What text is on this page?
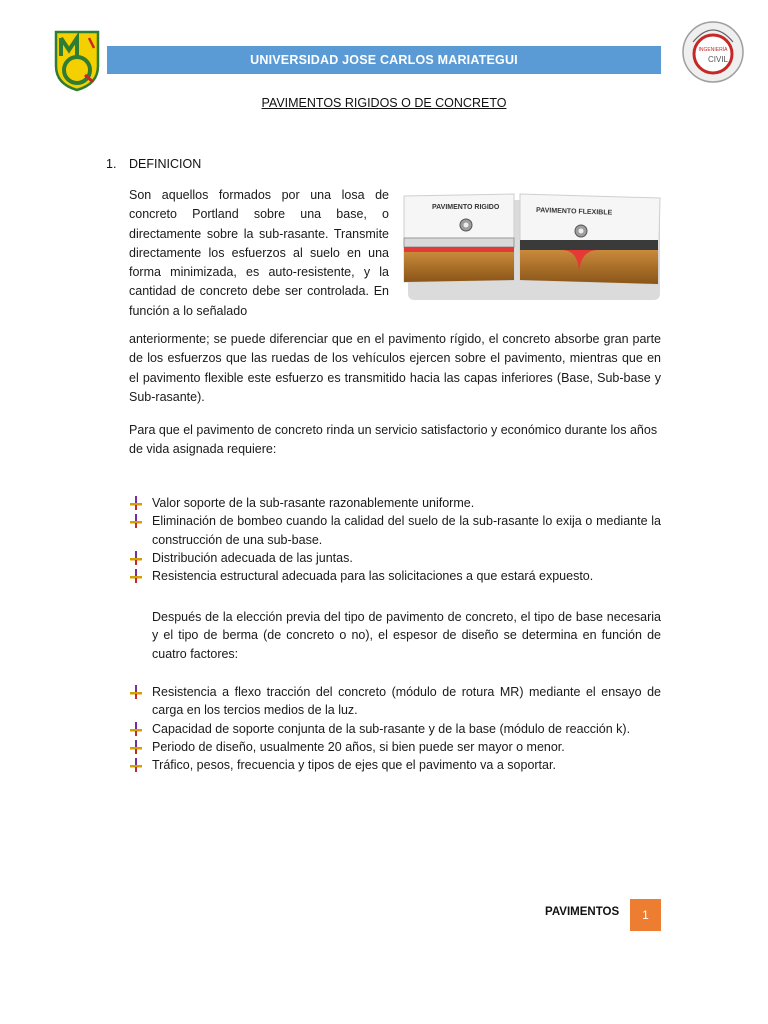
UNIVERSIDAD JOSE CARLOS MARIATEGUI
INGENIERÍA
CIVIL
PAVIMENTOS RIGIDOS O DE CONCRETO
1. DEFINICION
Son aquellos formados por una losa de concreto Portland sobre una base, o directamente sobre la sub-rasante. Transmite directamente los esfuerzos al suelo en una forma minimizada, es auto-resistente, y la cantidad de concreto debe ser controlada. En función a lo señalado
PAVIMENTO RIGIDO	PAVIMENTO FLEXIBLE
anteriormente; se puede diferenciar que en el pavimento rígido, el concreto absorbe gran parte de los esfuerzos que las ruedas de los vehículos ejercen sobre el pavimento, mientras que en el pavimento flexible este esfuerzo es transmitido hacia las capas inferiores (Base, Sub-base y Sub-rasante).
Para que el pavimento de concreto rinda un servicio satisfactorio y económico durante los años de vida asignada requiere:
Valor soporte de la sub-rasante razonablemente uniforme.
Eliminación de bombeo cuando la calidad del suelo de la sub-rasante lo exija o mediante la construcción de una sub-base.
Distribución adecuada de las juntas.
Resistencia estructural adecuada para las solicitaciones a que estará expuesto.
Después de la elección previa del tipo de pavimento de concreto, el tipo de base necesaria y el tipo de berma (de concreto o no), el espesor de diseño se determina en función de cuatro factores:
Resistencia a flexo tracción del concreto (módulo de rotura MR) mediante el ensayo de carga en los tercios medios de la luz.
Capacidad de soporte conjunta de la sub-rasante y de la base (módulo de reacción k).
Periodo de diseño, usualmente 20 años, si bien puede ser mayor o menor.
Tráfico, pesos, frecuencia y tipos de ejes que el pavimento va a soportar.
PAVIMENTOS	1
